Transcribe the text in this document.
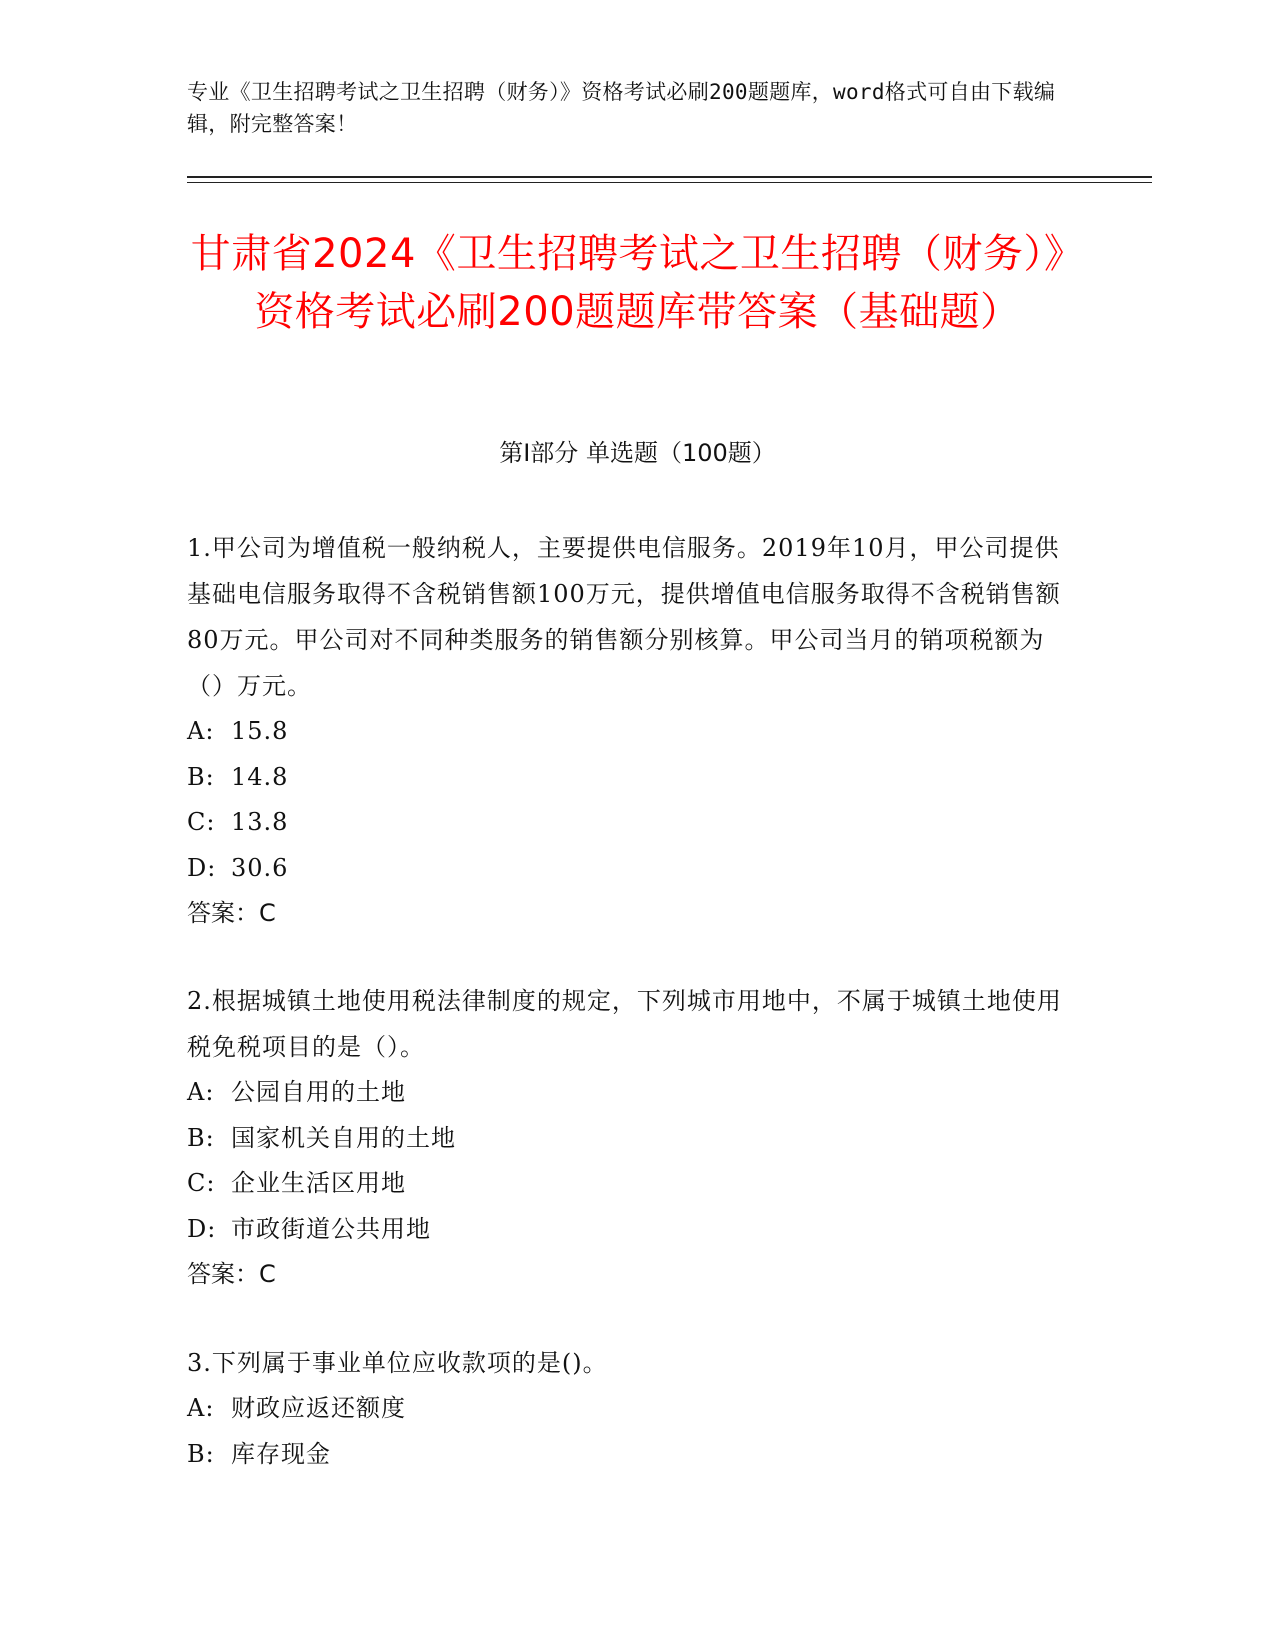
专业《卫生招聘考试之卫生招聘（财务）》资格考试必刷200题题库，word格式可自由下载编辑，附完整答案！
甘肃省2024《卫生招聘考试之卫生招聘（财务）》资格考试必刷200题题库带答案（基础题）
第Ⅰ部分 单选题（100题）
1.甲公司为增值税一般纳税人，主要提供电信服务。2019年10月，甲公司提供基础电信服务取得不含税销售额100万元，提供增值电信服务取得不含税销售额80万元。甲公司对不同种类服务的销售额分别核算。甲公司当月的销项税额为（）万元。
A: 15.8
B: 14.8
C: 13.8
D: 30.6
答案：C
2.根据城镇土地使用税法律制度的规定，下列城市用地中，不属于城镇土地使用税免税项目的是（）。
A: 公园自用的土地
B: 国家机关自用的土地
C: 企业生活区用地
D: 市政街道公共用地
答案：C
3.下列属于事业单位应收款项的是()。
A: 财政应返还额度
B: 库存现金
